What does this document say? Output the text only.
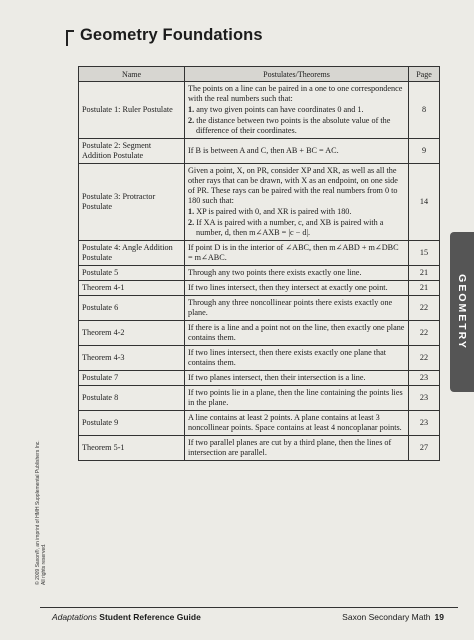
Geometry Foundations
Name	Postulates/Theorems	Page
Postulate 1: Ruler Postulate	The points on a line can be paired in a one to one correspondence with the real numbers such that:
1. any two given points can have coordinates 0 and 1.
2. the distance between two points is the absolute value of the difference of their coordinates.	8
Postulate 2: Segment Addition Postulate	If B is between A and C, then AB + BC = AC.	9
Postulate 3: Protractor Postulate	Given a point, X, on PR, consider XP and XR, as well as all the other rays that can be drawn, with X as an endpoint, on one side of PR. These rays can be paired with the real numbers from 0 to 180 such that:
1. XP is paired with 0, and XR is paired with 180.
2. If XA is paired with a number, c, and XB is paired with a number, d, then m∠AXB = |c − d|.	14
Postulate 4: Angle Addition Postulate	If point D is in the interior of ∠ABC, then m∠ABD + m∠DBC = m∠ABC.	15
Postulate 5	Through any two points there exists exactly one line.	21
Theorem 4-1	If two lines intersect, then they intersect at exactly one point.	21
Postulate 6	Through any three noncollinear points there exists exactly one plane.	22
Theorem 4-2	If there is a line and a point not on the line, then exactly one plane contains them.	22
Theorem 4-3	If two lines intersect, then there exists exactly one plane that contains them.	22
Postulate 7	If two planes intersect, then their intersection is a line.	23
Postulate 8	If two points lie in a plane, then the line containing the points lies in the plane.	23
Postulate 9	A line contains at least 2 points. A plane contains at least 3 noncollinear points. Space contains at least 4 noncoplanar points.	23
Theorem 5-1	If two parallel planes are cut by a third plane, then the lines of intersection are parallel.	27
GEOMETRY
© 2009 Saxon®, an imprint of HMH Supplemental Publishers Inc. All rights reserved.
Adaptations Student Reference Guide	Saxon Secondary Math 19
